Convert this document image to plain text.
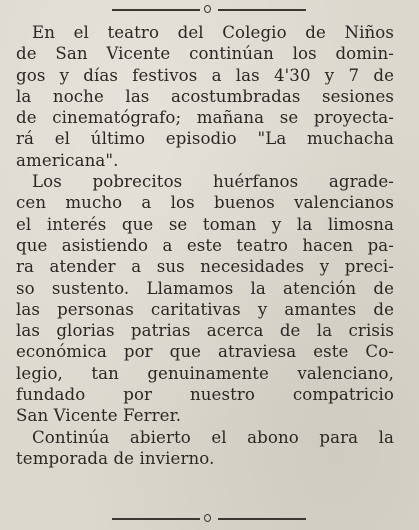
En el teatro del Colegio de Niños
de San Vicente continúan los domin-
gos y días festivos a las 4'30 y 7 de
la noche las acostumbradas sesiones
de cinematógrafo; mañana se proyecta-
rá el último episodio "La muchacha
americana".
Los pobrecitos huérfanos agrade-
cen mucho a los buenos valencianos
el interés que se toman y la limosna
que asistiendo a este teatro hacen pa-
ra atender a sus necesidades y preci-
so sustento. Llamamos la atención de
las personas caritativas y amantes de
las glorias patrias acerca de la crisis
económica por que atraviesa este Co-
legio, tan genuinamente valenciano,
fundado por nuestro compatricio
San Vicente Ferrer.
Continúa abierto el abono para la
temporada de invierno.
